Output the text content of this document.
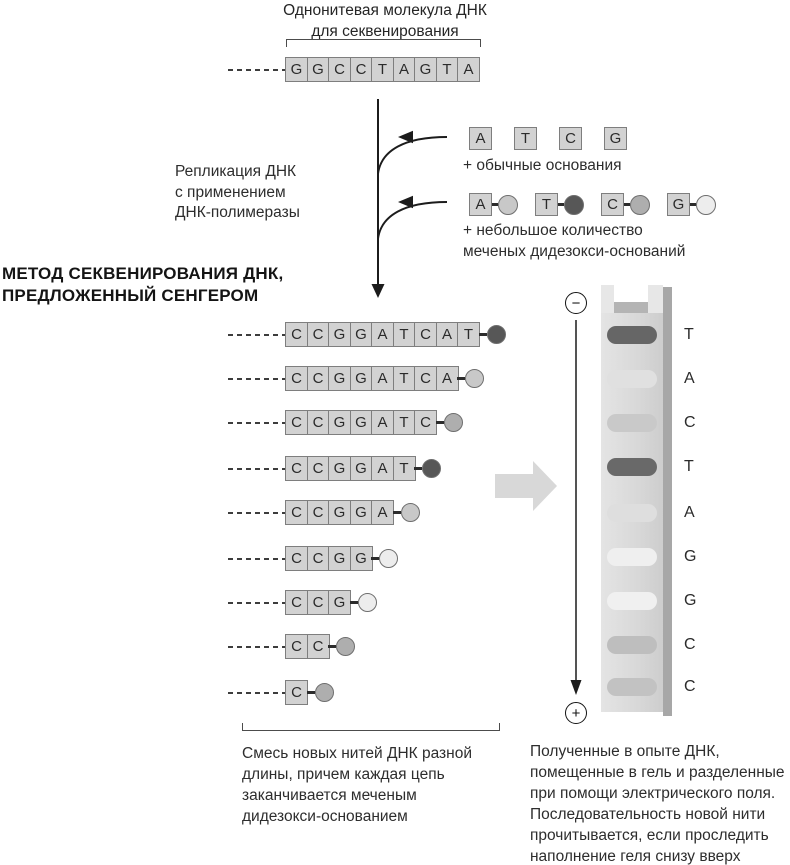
Однонитевая молекула ДНК
для секвенирования
G G C C T A G T A
Репликация ДНК
с применением
ДНК-полимеразы
МЕТОД СЕКВЕНИРОВАНИЯ ДНК,
ПРЕДЛОЖЕННЫЙ СЕНГЕРОМ
A	T	C	G
+ обычные основания
A	T	C	G
+ небольшое количество
меченых дидезокси-оснований
C C G G A T C A T
C C G G A T C A
C C G G A T C
C C G G A T
C C G G A
C C G G
C C G
C C
C
T
A
C
T
A
G
G
C
C
−
+
Смесь новых нитей ДНК разной
длины, причем каждая цепь
заканчивается меченым
дидезокси-основанием
Полученные в опыте ДНК,
помещенные в гель и разделенные
при помощи электрического поля.
Последовательность новой нити
прочитывается, если проследить
наполнение геля снизу вверх
